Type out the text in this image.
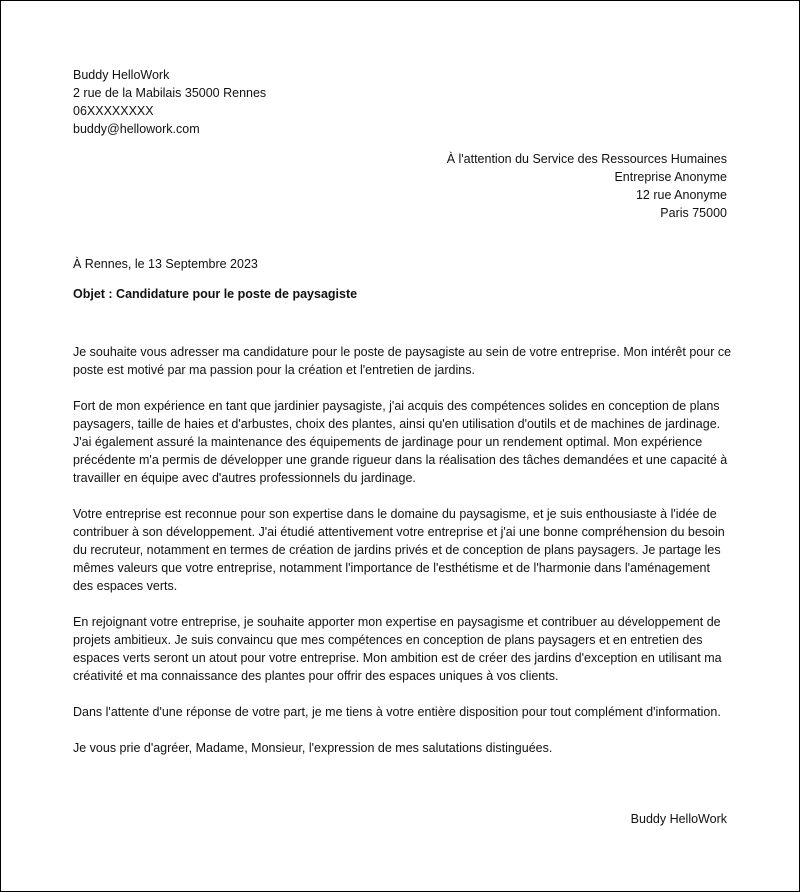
Buddy HelloWork
2 rue de la Mabilais 35000 Rennes
06XXXXXXXX
buddy@hellowork.com
À l'attention du Service des Ressources Humaines
Entreprise Anonyme
12 rue Anonyme
Paris 75000
À Rennes, le 13 Septembre 2023
Objet : Candidature pour le poste de paysagiste

Je souhaite vous adresser ma candidature pour le poste de paysagiste au sein de votre entreprise. Mon intérêt pour ce poste est motivé par ma passion pour la création et l'entretien de jardins.

Fort de mon expérience en tant que jardinier paysagiste, j'ai acquis des compétences solides en conception de plans paysagers, taille de haies et d'arbustes, choix des plantes, ainsi qu'en utilisation d'outils et de machines de jardinage. J'ai également assuré la maintenance des équipements de jardinage pour un rendement optimal. Mon expérience précédente m'a permis de développer une grande rigueur dans la réalisation des tâches demandées et une capacité à travailler en équipe avec d'autres professionnels du jardinage.

Votre entreprise est reconnue pour son expertise dans le domaine du paysagisme, et je suis enthousiaste à l'idée de contribuer à son développement. J'ai étudié attentivement votre entreprise et j'ai une bonne compréhension du besoin du recruteur, notamment en termes de création de jardins privés et de conception de plans paysagers. Je partage les mêmes valeurs que votre entreprise, notamment l'importance de l'esthétisme et de l'harmonie dans l'aménagement des espaces verts.

En rejoignant votre entreprise, je souhaite apporter mon expertise en paysagisme et contribuer au développement de projets ambitieux. Je suis convaincu que mes compétences en conception de plans paysagers et en entretien des espaces verts seront un atout pour votre entreprise. Mon ambition est de créer des jardins d'exception en utilisant ma créativité et ma connaissance des plantes pour offrir des espaces uniques à vos clients.

Dans l'attente d'une réponse de votre part, je me tiens à votre entière disposition pour tout complément d'information.

Je vous prie d'agréer, Madame, Monsieur, l'expression de mes salutations distinguées.

Buddy HelloWork
